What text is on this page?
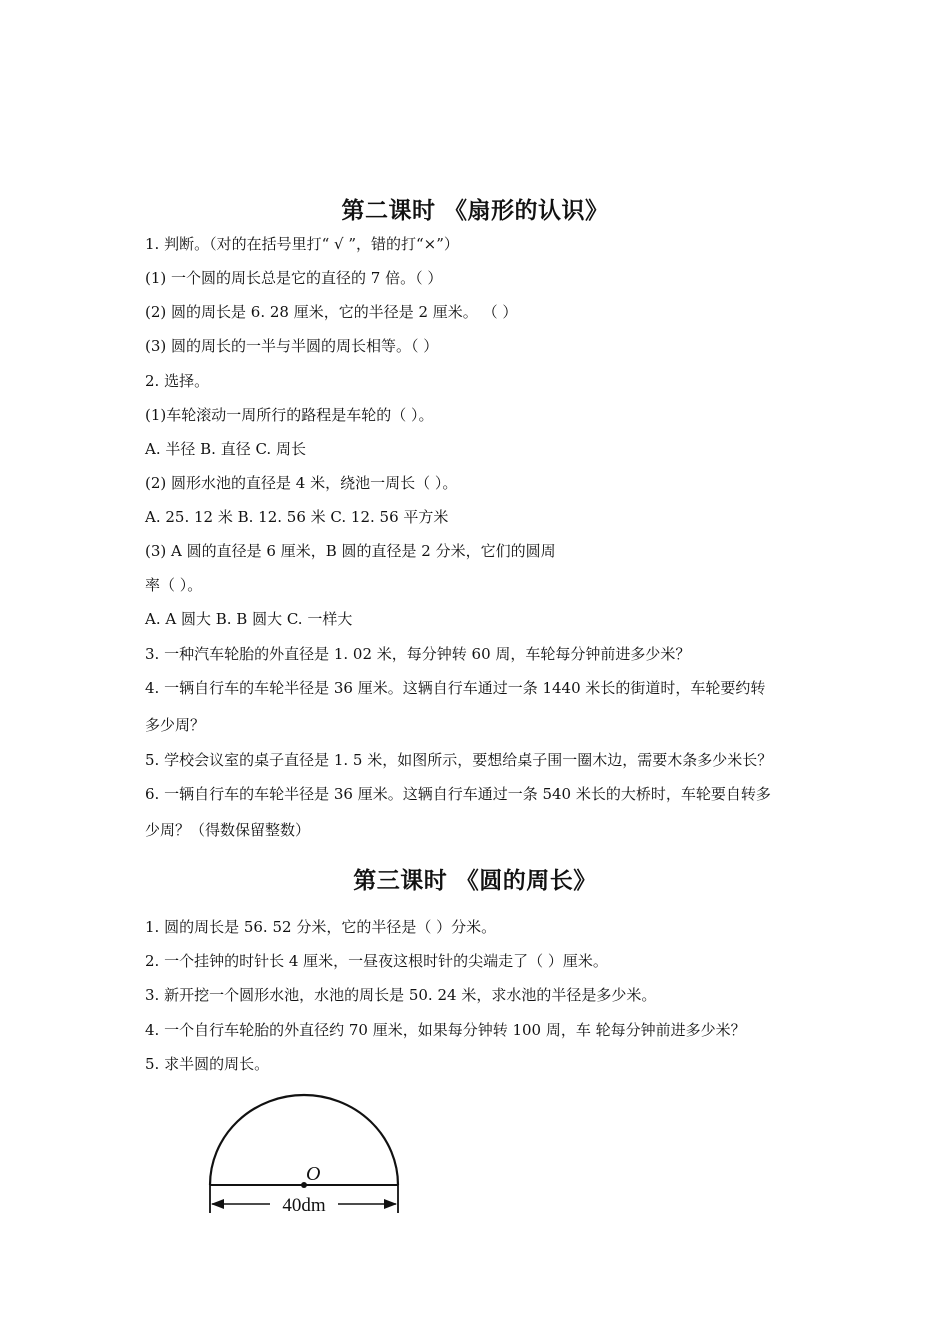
第二课时 《扇形的认识》
1. 判断。（对的在括号里打“ √ ”，错的打“×”）
(1) 一个圆的周长总是它的直径的 7 倍。（ ）
(2) 圆的周长是 6. 28 厘米，它的半径是 2 厘米。 （ ）
(3) 圆的周长的一半与半圆的周长相等。（ ）
2. 选择。
(1)车轮滚动一周所行的路程是车轮的（ ）。
A. 半径 B. 直径 C. 周长
(2) 圆形水池的直径是 4 米，绕池一周长（ ）。
A. 25. 12 米 B. 12. 56 米 C. 12. 56 平方米
(3) A 圆的直径是 6 厘米，B 圆的直径是 2 分米，它们的圆周
率（ ）。
A. A 圆大 B. B 圆大 C. 一样大
3. 一种汽车轮胎的外直径是 1. 02 米，每分钟转 60 周，车轮每分钟前进多少米？
4. 一辆自行车的车轮半径是 36 厘米。这辆自行车通过一条 1440 米长的街道时，车轮要约转
多少周？
5. 学校会议室的桌子直径是 1. 5 米，如图所示，要想给桌子围一圈木边，需要木条多少米长？
6. 一辆自行车的车轮半径是 36 厘米。这辆自行车通过一条 540 米长的大桥时，车轮要自转多
少周？（得数保留整数）
第三课时 《圆的周长》
1. 圆的周长是 56. 52 分米，它的半径是（ ）分米。
2. 一个挂钟的时针长 4 厘米，一昼夜这根时针的尖端走了（ ）厘米。
3. 新开挖一个圆形水池，水池的周长是 50. 24 米，求水池的半径是多少米。
4. 一个自行车轮胎的外直径约 70 厘米，如果每分钟转 100 周，车 轮每分钟前进多少米？
5. 求半圆的周长。
O
40dm
